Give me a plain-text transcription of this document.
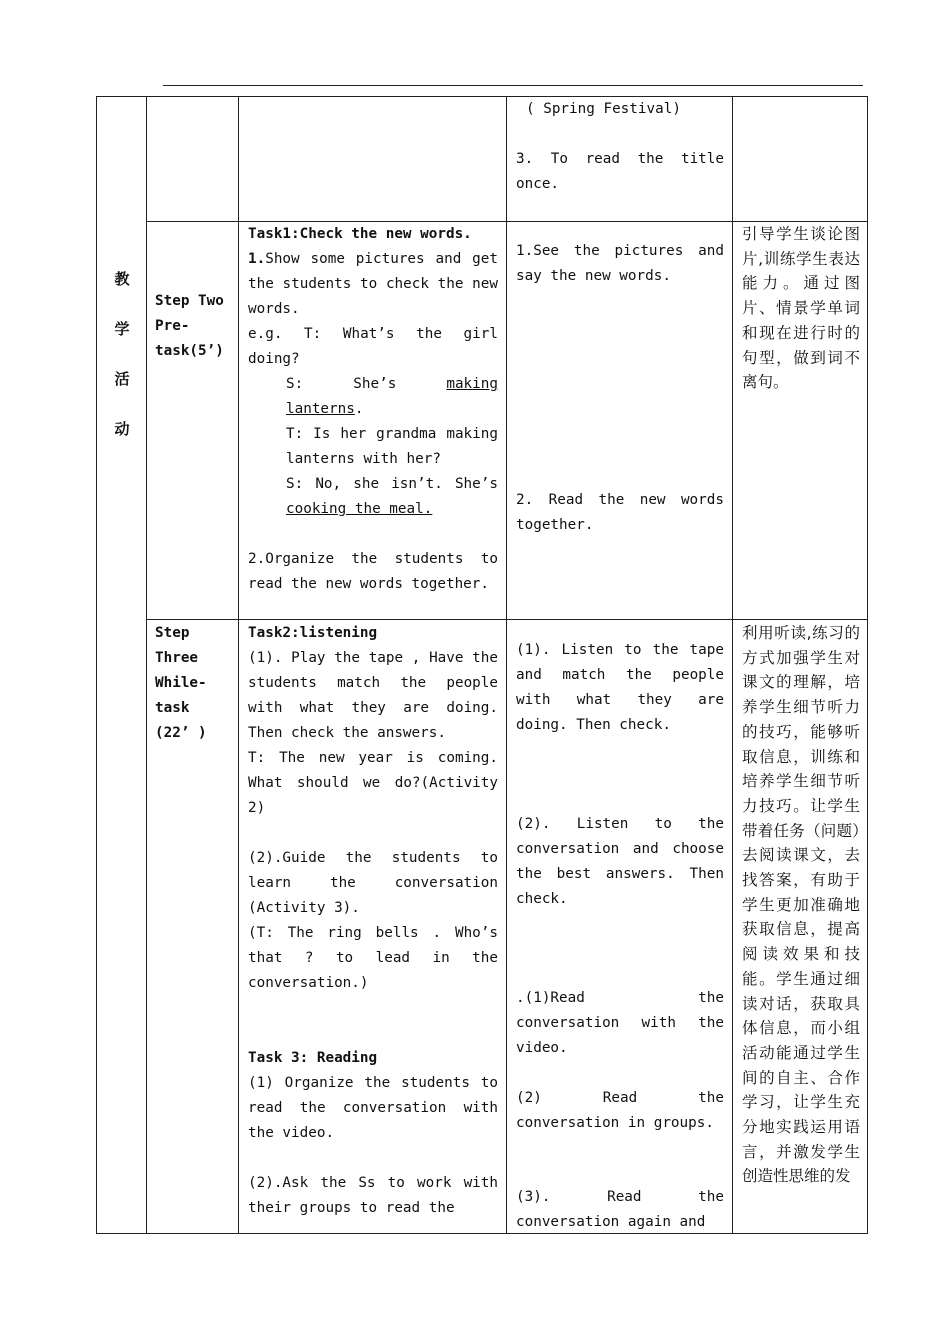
教
学
活
动

( Spring Festival)

3. To read the title once.

Step Two

Pre-task(5’)

Task1:Check the new words.

1.Show some pictures and get the students to check the new words.

e.g. T: What’s the girl doing?

S: She’s making lanterns.

T: Is her grandma making lanterns with her?

S: No, she isn’t. She’s cooking the meal.

2.Organize the students to read the new words together.

1.See the pictures and say the new words.

2. Read the new words together.

引导学生谈论图片,训练学生表达能力。通过图片、情景学单词和现在进行时的句型，做到词不离句。

Step

Three

While-

task

(22’ )

Task2:listening

(1). Play the tape , Have the students match the people with what they are doing. Then check the answers.

T: The new year is coming. What should we do?(Activity 2)

(2).Guide the students to learn the conversation (Activity 3).

(T: The ring bells . Who’s that ? to lead in the conversation.)

Task 3: Reading

(1) Organize the students to read the conversation with the video.

(2).Ask the Ss to work with their groups to read the

(1). Listen to the tape and match the people with what they are doing. Then check.

(2). Listen to the conversation and choose the best answers. Then check.

.(1)Read the conversation with the video.

(2) Read the conversation in groups.

(3). Read the conversation again and

利用听读,练习的方式加强学生对课文的理解，培养学生细节听力的技巧，能够听取信息，训练和培养学生细节听力技巧。让学生带着任务（问题）去阅读课文，去找答案，有助于学生更加准确地获取信息，提高阅读效果和技能。学生通过细读对话，获取具体信息，而小组活动能通过学生间的自主、合作学习，让学生充分地实践运用语言，并激发学生创造性思维的发
